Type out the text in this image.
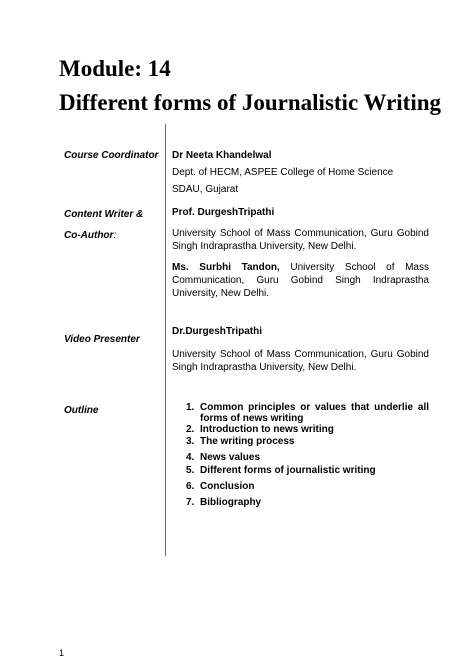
Module: 14
Different forms of Journalistic Writing
Course Coordinator Dr Neeta Khandelwal
Dept. of HECM, ASPEE College of Home Science
SDAU, Gujarat
Content Writer &
Co-Author:
Prof. DurgeshTripathi
University School of Mass Communication, Guru Gobind Singh Indraprastha University, New Delhi.
Ms. Surbhi Tandon, University School of Mass Communication, Guru Gobind Singh Indraprastha University, New Delhi.
Video Presenter
Dr.DurgeshTripathi
University School of Mass Communication, Guru Gobind Singh Indraprastha University, New Delhi.
Outline	1. Common principles or values that underlie all forms of news writing
2. Introduction to news writing
3. The writing process
4. News values
5. Different forms of journalistic writing
6. Conclusion
7. Bibliography
1
